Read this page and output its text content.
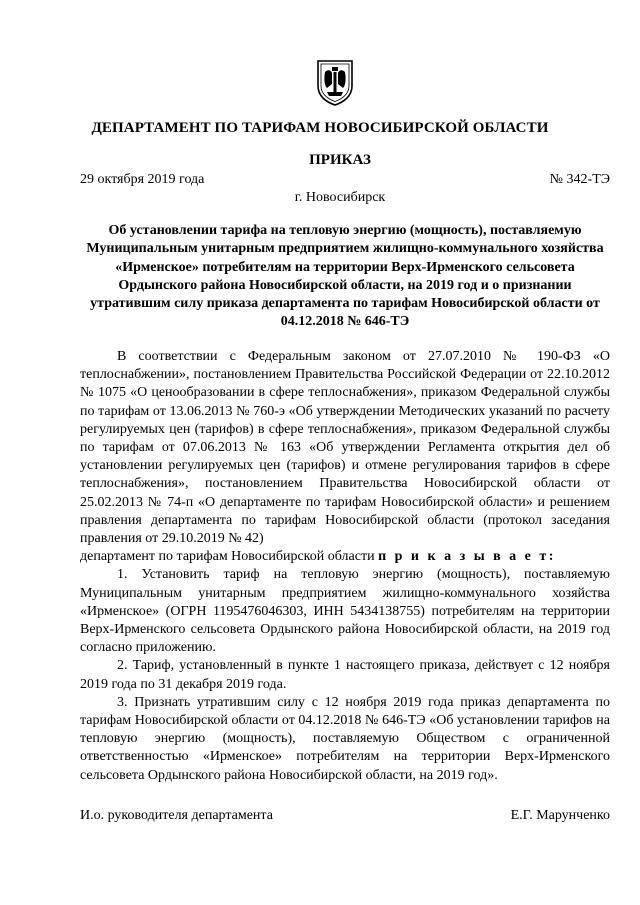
ДЕПАРТАМЕНТ ПО ТАРИФАМ НОВОСИБИРСКОЙ ОБЛАСТИ
ПРИКАЗ
29 октября 2019 года	№ 342-ТЭ
г. Новосибирск
Об установлении тарифа на тепловую энергию (мощность), поставляемую Муниципальным унитарным предприятием жилищно-коммунального хозяйства «Ирменское» потребителям на территории Верх-Ирменского сельсовета Ордынского района Новосибирской области, на 2019 год и о признании утратившим силу приказа департамента по тарифам Новосибирской области от 04.12.2018 № 646-ТЭ

В соответствии с Федеральным законом от 27.07.2010 № 190-ФЗ «О теплоснабжении», постановлением Правительства Российской Федерации от 22.10.2012 № 1075 «О ценообразовании в сфере теплоснабжения», приказом Федеральной службы по тарифам от 13.06.2013 № 760-э «Об утверждении Методических указаний по расчету регулируемых цен (тарифов) в сфере теплоснабжения», приказом Федеральной службы по тарифам от 07.06.2013 № 163 «Об утверждении Регламента открытия дел об установлении регулируемых цен (тарифов) и отмене регулирования тарифов в сфере теплоснабжения», постановлением Правительства Новосибирской области от 25.02.2013 № 74-п «О департаменте по тарифам Новосибирской области» и решением правления департамента по тарифам Новосибирской области (протокол заседания правления от 29.10.2019 № 42)

департамент по тарифам Новосибирской области п р и к а з ы в а е т:

1. Установить тариф на тепловую энергию (мощность), поставляемую Муниципальным унитарным предприятием жилищно-коммунального хозяйства «Ирменское» (ОГРН 1195476046303, ИНН 5434138755) потребителям на территории Верх-Ирменского сельсовета Ордынского района Новосибирской области, на 2019 год согласно приложению.

2. Тариф, установленный в пункте 1 настоящего приказа, действует с 12 ноября 2019 года по 31 декабря 2019 года.

3. Признать утратившим силу с 12 ноября 2019 года приказ департамента по тарифам Новосибирской области от 04.12.2018 № 646-ТЭ «Об установлении тарифов на тепловую энергию (мощность), поставляемую Обществом с ограниченной ответственностью «Ирменское» потребителям на территории Верх-Ирменского сельсовета Ордынского района Новосибирской области, на 2019 год».

И.о. руководителя департамента	Е.Г. Марунченко
